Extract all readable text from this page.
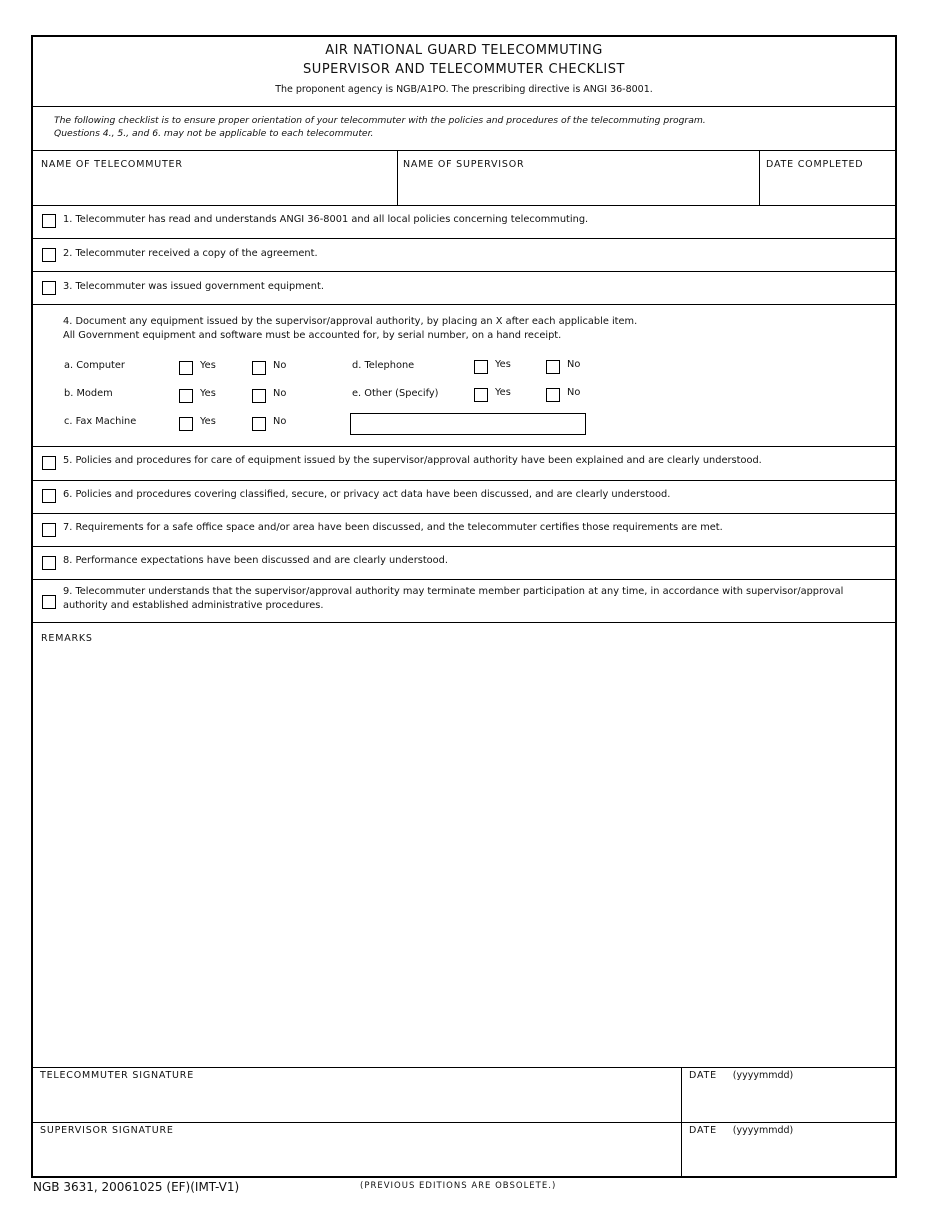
AIR NATIONAL GUARD TELECOMMUTING
SUPERVISOR AND TELECOMMUTER CHECKLIST
The proponent agency is NGB/A1PO. The prescribing directive is ANGI 36-8001.
The following checklist is to ensure proper orientation of your telecommuter with the policies and procedures of the telecommuting program.
Questions 4., 5., and 6. may not be applicable to each telecommuter.
NAME OF TELECOMMUTER	NAME OF SUPERVISOR	DATE COMPLETED
1. Telecommuter has read and understands ANGI 36-8001 and all local policies concerning telecommuting.
2. Telecommuter received a copy of the agreement.
3. Telecommuter was issued government equipment.
4. Document any equipment issued by the supervisor/approval authority, by placing an X after each applicable item.
All Government equipment and software must be accounted for, by serial number, on a hand receipt.
a. Computer	Yes	No
b. Modem	Yes	No
c. Fax Machine	Yes	No
d. Telephone	Yes	No
e. Other (Specify)	Yes	No
5. Policies and procedures for care of equipment issued by the supervisor/approval authority have been explained and are clearly understood.
6. Policies and procedures covering classified, secure, or privacy act data have been discussed, and are clearly understood.
7. Requirements for a safe office space and/or area have been discussed, and the telecommuter certifies those requirements are met.
8. Performance expectations have been discussed and are clearly understood.
9. Telecommuter understands that the supervisor/approval authority may terminate member participation at any time, in accordance with supervisor/approval
authority and established administrative procedures.
REMARKS
TELECOMMUTER SIGNATURE	DATE (yyyymmdd)
SUPERVISOR SIGNATURE	DATE (yyyymmdd)
NGB 3631, 20061025 (EF)(IMT-V1)	(PREVIOUS EDITIONS ARE OBSOLETE.)
